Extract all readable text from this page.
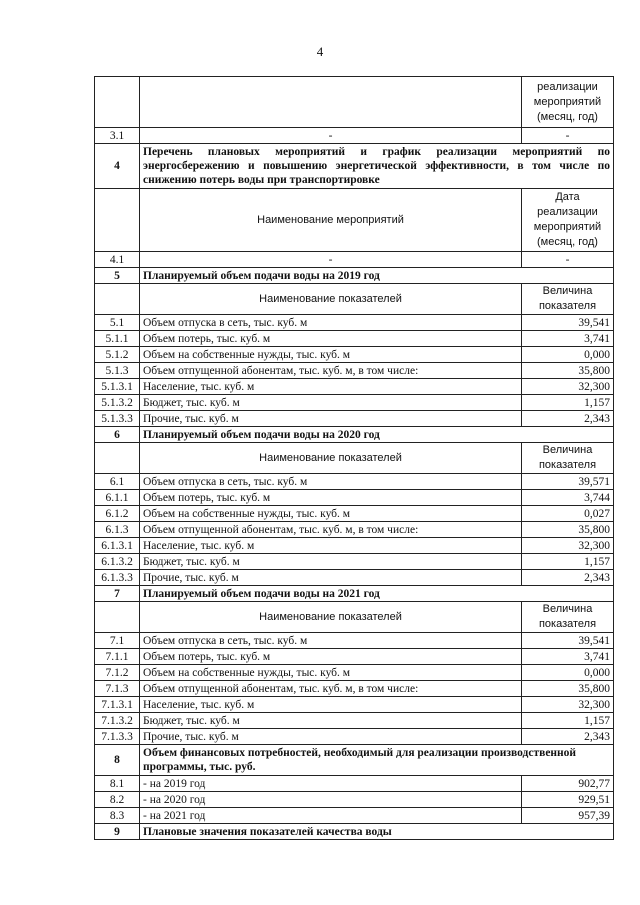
4
		реализации мероприятий (месяц, год)
3.1	-	-
4	Перечень плановых мероприятий и график реализации мероприятий по энергосбережению и повышению энергетической эффективности, в том числе по снижению потерь воды при транспортировке	
	Наименование мероприятий	Дата реализации мероприятий (месяц, год)
4.1	-	-
5	Планируемый объем подачи воды на 2019 год	
	Наименование показателей	Величина показателя
5.1	Объем отпуска в сеть, тыс. куб. м	39,541
5.1.1	Объем потерь, тыс. куб. м	3,741
5.1.2	Объем на собственные нужды, тыс. куб. м	0,000
5.1.3	Объем отпущенной абонентам, тыс. куб. м, в том числе:	35,800
5.1.3.1	Население, тыс. куб. м	32,300
5.1.3.2	Бюджет, тыс. куб. м	1,157
5.1.3.3	Прочие, тыс. куб. м	2,343
6	Планируемый объем подачи воды на 2020 год	
	Наименование показателей	Величина показателя
6.1	Объем отпуска в сеть, тыс. куб. м	39,571
6.1.1	Объем потерь, тыс. куб. м	3,744
6.1.2	Объем на собственные нужды, тыс. куб. м	0,027
6.1.3	Объем отпущенной абонентам, тыс. куб. м, в том числе:	35,800
6.1.3.1	Население, тыс. куб. м	32,300
6.1.3.2	Бюджет, тыс. куб. м	1,157
6.1.3.3	Прочие, тыс. куб. м	2,343
7	Планируемый объем подачи воды на 2021 год	
	Наименование показателей	Величина показателя
7.1	Объем отпуска в сеть, тыс. куб. м	39,541
7.1.1	Объем потерь, тыс. куб. м	3,741
7.1.2	Объем на собственные нужды, тыс. куб. м	0,000
7.1.3	Объем отпущенной абонентам, тыс. куб. м, в том числе:	35,800
7.1.3.1	Население, тыс. куб. м	32,300
7.1.3.2	Бюджет, тыс. куб. м	1,157
7.1.3.3	Прочие, тыс. куб. м	2,343
8	Объем финансовых потребностей, необходимый для реализации производственной программы, тыс. руб.	
8.1	- на 2019 год	902,77
8.2	- на 2020 год	929,51
8.3	- на 2021 год	957,39
9	Плановые значения показателей качества воды	
